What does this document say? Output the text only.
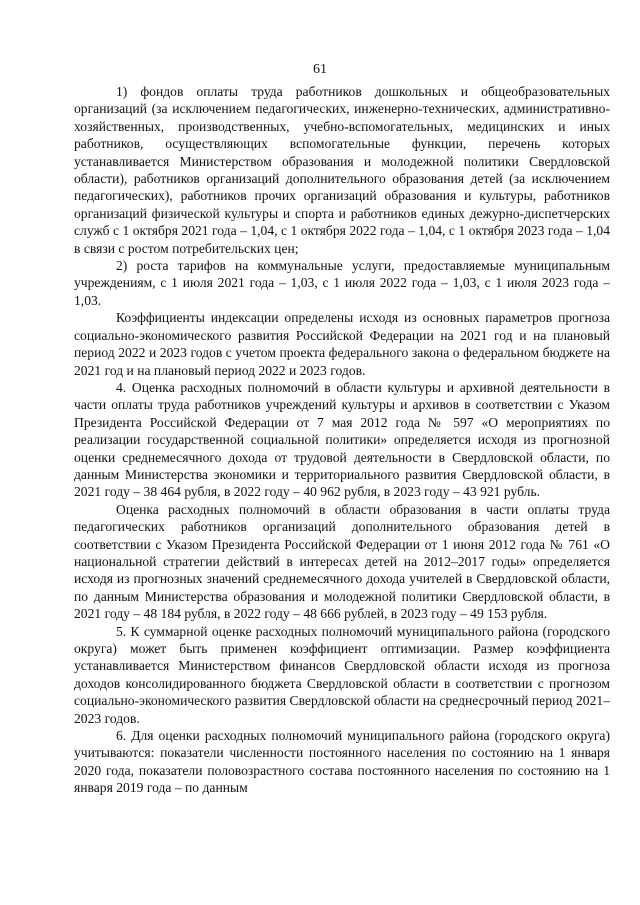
61

1) фондов оплаты труда работников дошкольных и общеобразовательных организаций (за исключением педагогических, инженерно-технических, административно-хозяйственных, производственных, учебно-вспомогательных, медицинских и иных работников, осуществляющих вспомогательные функции, перечень которых устанавливается Министерством образования и молодежной политики Свердловской области), работников организаций дополнительного образования детей (за исключением педагогических), работников прочих организаций образования и культуры, работников организаций физической культуры и спорта и работников единых дежурно-диспетчерских служб с 1 октября 2021 года – 1,04, с 1 октября 2022 года – 1,04, с 1 октября 2023 года – 1,04 в связи с ростом потребительских цен;

2) роста тарифов на коммунальные услуги, предоставляемые муниципальным учреждениям, с 1 июля 2021 года – 1,03, с 1 июля 2022 года – 1,03, с 1 июля 2023 года – 1,03.

Коэффициенты индексации определены исходя из основных параметров прогноза социально-экономического развития Российской Федерации на 2021 год и на плановый период 2022 и 2023 годов с учетом проекта федерального закона о федеральном бюджете на 2021 год и на плановый период 2022 и 2023 годов.

4. Оценка расходных полномочий в области культуры и архивной деятельности в части оплаты труда работников учреждений культуры и архивов в соответствии с Указом Президента Российской Федерации от 7 мая 2012 года № 597 «О мероприятиях по реализации государственной социальной политики» определяется исходя из прогнозной оценки среднемесячного дохода от трудовой деятельности в Свердловской области, по данным Министерства экономики и территориального развития Свердловской области, в 2021 году – 38 464 рубля, в 2022 году – 40 962 рубля, в 2023 году – 43 921 рубль.

Оценка расходных полномочий в области образования в части оплаты труда педагогических работников организаций дополнительного образования детей в соответствии с Указом Президента Российской Федерации от 1 июня 2012 года № 761 «О национальной стратегии действий в интересах детей на 2012–2017 годы» определяется исходя из прогнозных значений среднемесячного дохода учителей в Свердловской области, по данным Министерства образования и молодежной политики Свердловской области, в 2021 году – 48 184 рубля, в 2022 году – 48 666 рублей, в 2023 году – 49 153 рубля.

5. К суммарной оценке расходных полномочий муниципального района (городского округа) может быть применен коэффициент оптимизации. Размер коэффициента устанавливается Министерством финансов Свердловской области исходя из прогноза доходов консолидированного бюджета Свердловской области в соответствии с прогнозом социально-экономического развития Свердловской области на среднесрочный период 2021–2023 годов.

6. Для оценки расходных полномочий муниципального района (городского округа) учитываются: показатели численности постоянного населения по состоянию на 1 января 2020 года, показатели половозрастного состава постоянного населения по состоянию на 1 января 2019 года – по данным
